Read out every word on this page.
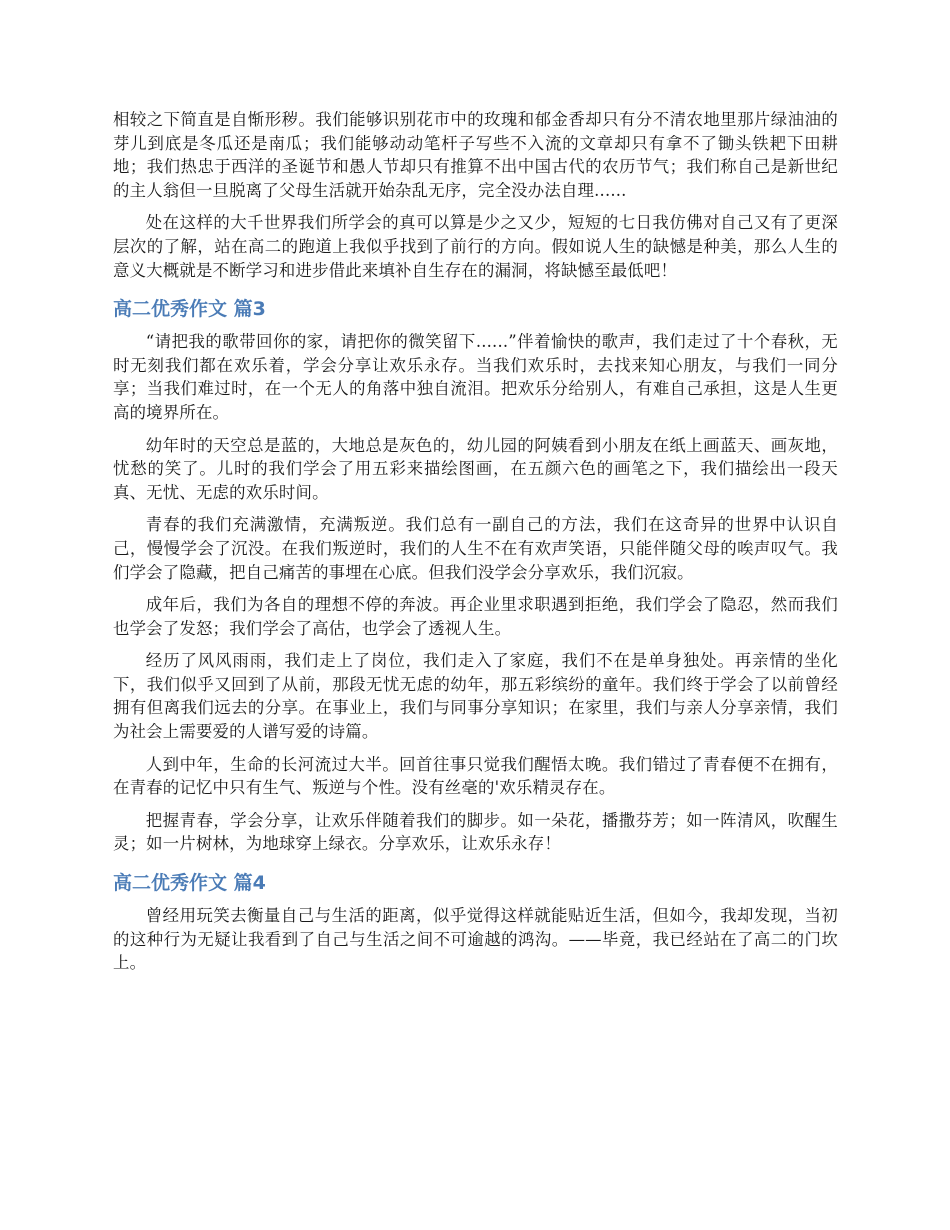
相较之下简直是自惭形秽。我们能够识别花市中的玫瑰和郁金香却只有分不清农地里那片绿油油的芽儿到底是冬瓜还是南瓜；我们能够动动笔杆子写些不入流的文章却只有拿不了锄头铁耙下田耕地；我们热忠于西洋的圣诞节和愚人节却只有推算不出中国古代的农历节气；我们称自己是新世纪的主人翁但一旦脱离了父母生活就开始杂乱无序，完全没办法自理......

处在这样的大千世界我们所学会的真可以算是少之又少，短短的七日我仿佛对自己又有了更深层次的了解，站在高二的跑道上我似乎找到了前行的方向。假如说人生的缺憾是种美，那么人生的意义大概就是不断学习和进步借此来填补自生存在的漏洞，将缺憾至最低吧！

高二优秀作文 篇3

“请把我的歌带回你的家，请把你的微笑留下......”伴着愉快的歌声，我们走过了十个春秋，无时无刻我们都在欢乐着，学会分享让欢乐永存。当我们欢乐时，去找来知心朋友，与我们一同分享；当我们难过时，在一个无人的角落中独自流泪。把欢乐分给别人，有难自己承担，这是人生更高的境界所在。

幼年时的天空总是蓝的，大地总是灰色的，幼儿园的阿姨看到小朋友在纸上画蓝天、画灰地，忧愁的笑了。儿时的我们学会了用五彩来描绘图画，在五颜六色的画笔之下，我们描绘出一段天真、无忧、无虑的欢乐时间。

青春的我们充满激情，充满叛逆。我们总有一副自己的方法，我们在这奇异的世界中认识自己，慢慢学会了沉没。在我们叛逆时，我们的人生不在有欢声笑语，只能伴随父母的唉声叹气。我们学会了隐藏，把自己痛苦的事埋在心底。但我们没学会分享欢乐，我们沉寂。

成年后，我们为各自的理想不停的奔波。再企业里求职遇到拒绝，我们学会了隐忍，然而我们也学会了发怒；我们学会了高估，也学会了透视人生。

经历了风风雨雨，我们走上了岗位，我们走入了家庭，我们不在是单身独处。再亲情的坐化下，我们似乎又回到了从前，那段无忧无虑的幼年，那五彩缤纷的童年。我们终于学会了以前曾经拥有但离我们远去的分享。在事业上，我们与同事分享知识；在家里，我们与亲人分享亲情，我们为社会上需要爱的人谱写爱的诗篇。

人到中年，生命的长河流过大半。回首往事只觉我们醒悟太晚。我们错过了青春便不在拥有，在青春的记忆中只有生气、叛逆与个性。没有丝毫的'欢乐精灵存在。

把握青春，学会分享，让欢乐伴随着我们的脚步。如一朵花，播撒芬芳；如一阵清风，吹醒生灵；如一片树林，为地球穿上绿衣。分享欢乐，让欢乐永存！

高二优秀作文 篇4

曾经用玩笑去衡量自己与生活的距离，似乎觉得这样就能贴近生活，但如今，我却发现，当初的这种行为无疑让我看到了自己与生活之间不可逾越的鸿沟。——毕竟，我已经站在了高二的门坎上。
